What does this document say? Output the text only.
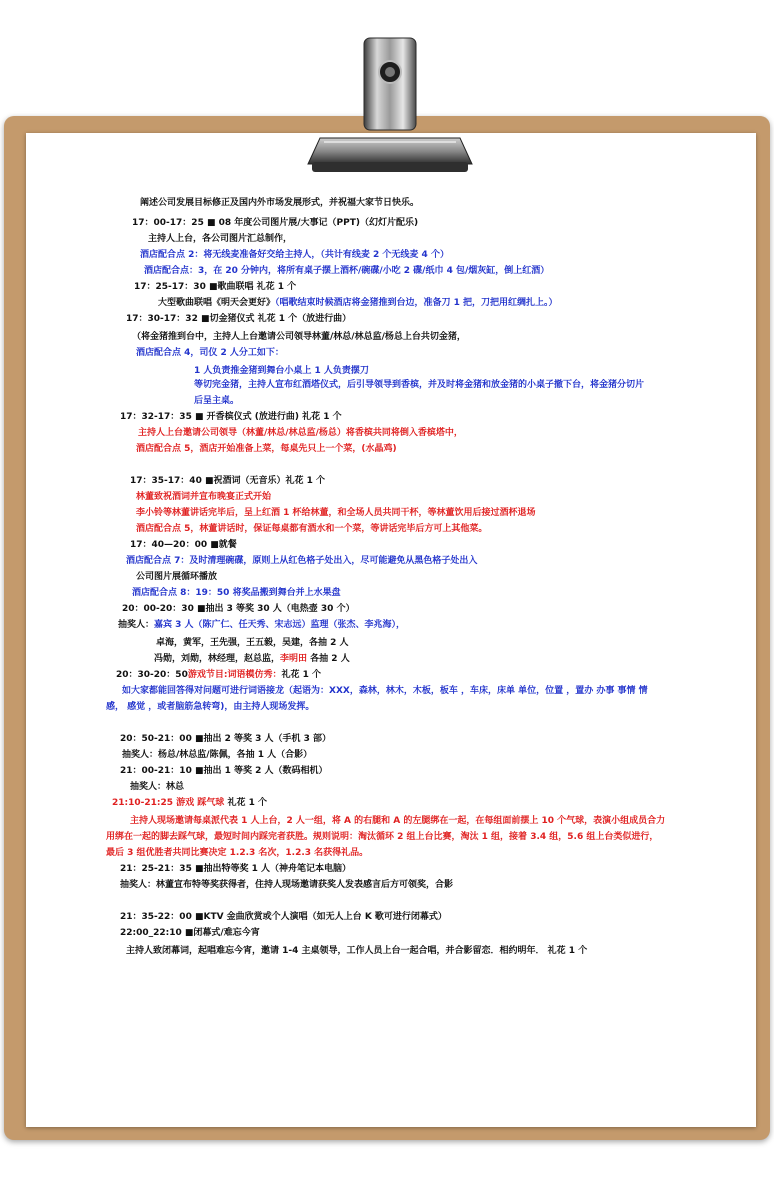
阐述公司发展目标修正及国内外市场发展形式，并祝福大家节日快乐。
17：00-17：25 ■ 08 年度公司图片展/大事记（PPT)（幻灯片配乐)
主持人上台，各公司图片汇总制作，
酒店配合点 2：将无线麦准备好交给主持人，（共计有线麦 2 个无线麦 4 个）
酒店配合点：3，在 20 分钟内，将所有桌子摆上酒杯/碗碟/小吃 2 碟/纸巾 4 包/烟灰缸，倒上红酒）
17：25-17：30 ■歌曲联唱 礼花 1 个
大型歌曲联唱《明天会更好》（唱歌结束时候酒店将金猪推到台边，准备刀 1 把，刀把用红绸扎上。）
17：30-17：32 ■切金猪仪式 礼花 1 个（放进行曲）
（将金猪推到台中，主持人上台邀请公司领导林董/林总/林总监/杨总上台共切金猪，
酒店配合点 4，司仪 2 人分工如下：
1 人负责推金猪到舞台小桌上 1 人负责摆刀
等切完金猪，主持人宣布红酒塔仪式，后引导领导到香槟，并及时将金猪和放金猪的小桌子撤下台，将金猪分切片
后呈主桌。
17：32-17：35 ■ 开香槟仪式 (放进行曲) 礼花 1 个
主持人上台邀请公司领导（林董/林总/林总监/杨总）将香槟共同将倒入香槟塔中，
酒店配合点 5，酒店开始准备上菜，每桌先只上一个菜，(水晶鸡)
17：35-17：40 ■祝酒词（无音乐）礼花 1 个
林董致祝酒词并宣布晚宴正式开始
李小铃等林董讲话完毕后，呈上红酒 1 杯给林董，和全场人员共同干杯，等林董饮用后接过酒杯退场
酒店配合点 5，林董讲话时，保证每桌都有酒水和一个菜，等讲话完毕后方可上其他菜。
17：40—20：00 ■就餐
酒店配合点 7：及时清理碗碟，原则上从红色格子处出入，尽可能避免从黑色格子处出入
公司图片展循环播放
酒店配合点 8：19：50 将奖品搬到舞台并上水果盘
20：00-20：30 ■抽出 3 等奖 30 人（电热壶 30 个）
抽奖人：嘉宾 3 人（陈广仁、任天秀、宋志远）监理（张杰、李兆海），
卓海，黄军，王先强，王五毅，吴建，各抽 2 人
冯勋，刘勋，林经理，赵总监，李明田 各抽 2 人
20：30-20：50游戏节目:词语模仿秀：礼花 1 个
如大家都能回答得对问题可进行词语接龙（起语为：XXX，森林，林木，木板，板车 ，车床，床单 单位，位置 ，置办 办事 事情 情
感， 感觉 ，或者脑筋急转弯)，由主持人现场发挥。
20：50-21：00 ■抽出 2 等奖 3 人（手机 3 部）
抽奖人：杨总/林总监/陈佩，各抽 1 人（合影）
21：00-21：10 ■抽出 1 等奖 2 人（数码相机）
抽奖人：林总
21:10-21:25 游戏 踩气球 礼花 1 个
主持人现场邀请每桌派代表 1 人上台，2 人一组，将 A 的右腿和 A 的左腿绑在一起，在每组面前摆上 10 个气球，表演小组成员合力
用绑在一起的脚去踩气球，最短时间内踩完者获胜。规则说明：淘汰循环 2 组上台比赛，淘汰 1 组，接着 3.4 组，5.6 组上台类似进行，
最后 3 组优胜者共同比赛决定 1.2.3 名次，1.2.3 名获得礼品。
21：25-21：35 ■抽出特等奖 1 人（神舟笔记本电脑）
抽奖人：林董宣布特等奖获得者，住持人现场邀请获奖人发表感言后方可领奖，合影
21：35-22：00 ■KTV 金曲欣赏或个人演唱（如无人上台 K 歌可进行闭幕式）
22:00_22:10 ■闭幕式/难忘今宵
主持人致闭幕词，起唱难忘今宵，邀请 1-4 主桌领导，工作人员上台一起合唱，并合影留恋．相约明年． 礼花 1 个
